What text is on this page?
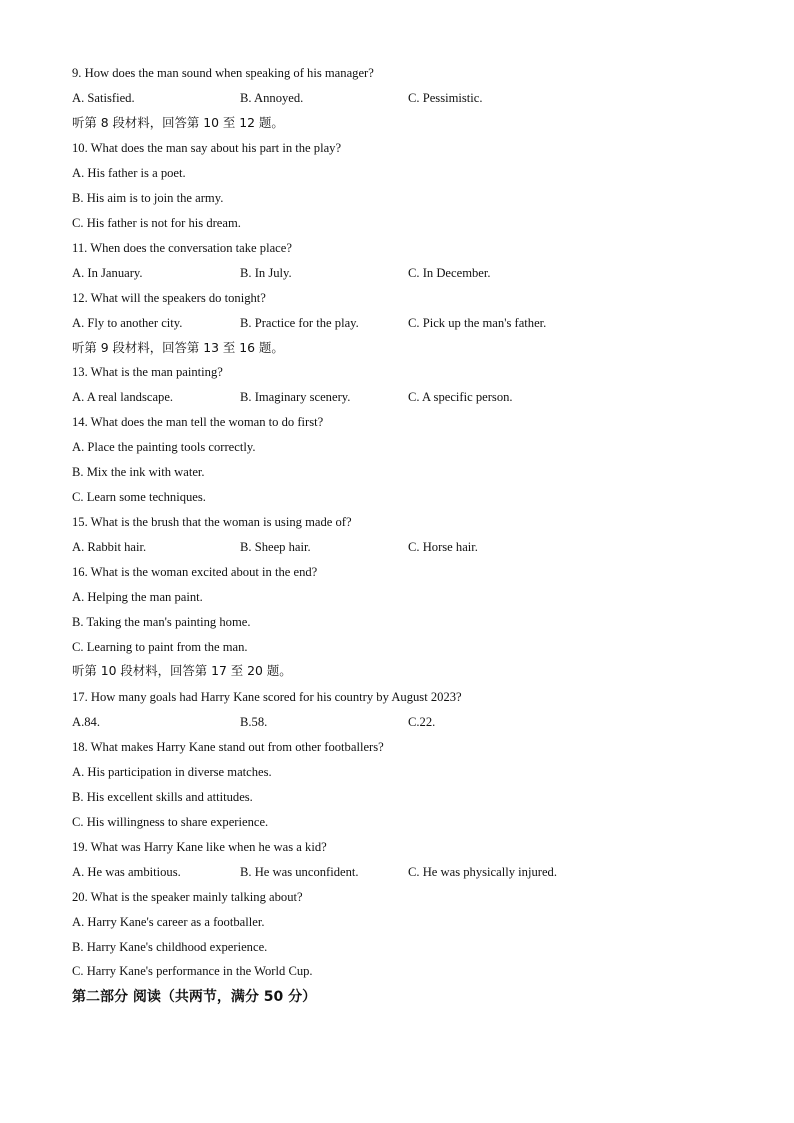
9. How does the man sound when speaking of his manager?
A. Satisfied.	B. Annoyed.	C. Pessimistic.
听第 8 段材料，回答第 10 至 12 题。
10. What does the man say about his part in the play?
A. His father is a poet.
B. His aim is to join the army.
C. His father is not for his dream.
11. When does the conversation take place?
A. In January.	B. In July.	C. In December.
12. What will the speakers do tonight?
A. Fly to another city.	B. Practice for the play.	C. Pick up the man's father.
听第 9 段材料，回答第 13 至 16 题。
13. What is the man painting?
A. A real landscape.	B. Imaginary scenery.	C. A specific person.
14. What does the man tell the woman to do first?
A. Place the painting tools correctly.
B. Mix the ink with water.
C. Learn some techniques.
15. What is the brush that the woman is using made of?
A. Rabbit hair.	B. Sheep hair.	C. Horse hair.
16. What is the woman excited about in the end?
A. Helping the man paint.
B. Taking the man's painting home.
C. Learning to paint from the man.
听第 10 段材料，回答第 17 至 20 题。
17. How many goals had Harry Kane scored for his country by August 2023?
A.84.	B.58.	C.22.
18. What makes Harry Kane stand out from other footballers?
A. His participation in diverse matches.
B. His excellent skills and attitudes.
C. His willingness to share experience.
19. What was Harry Kane like when he was a kid?
A. He was ambitious.	B. He was unconfident.	C. He was physically injured.
20. What is the speaker mainly talking about?
A. Harry Kane's career as a footballer.
B. Harry Kane's childhood experience.
C. Harry Kane's performance in the World Cup.
第二部分 阅读（共两节，满分 50 分）
